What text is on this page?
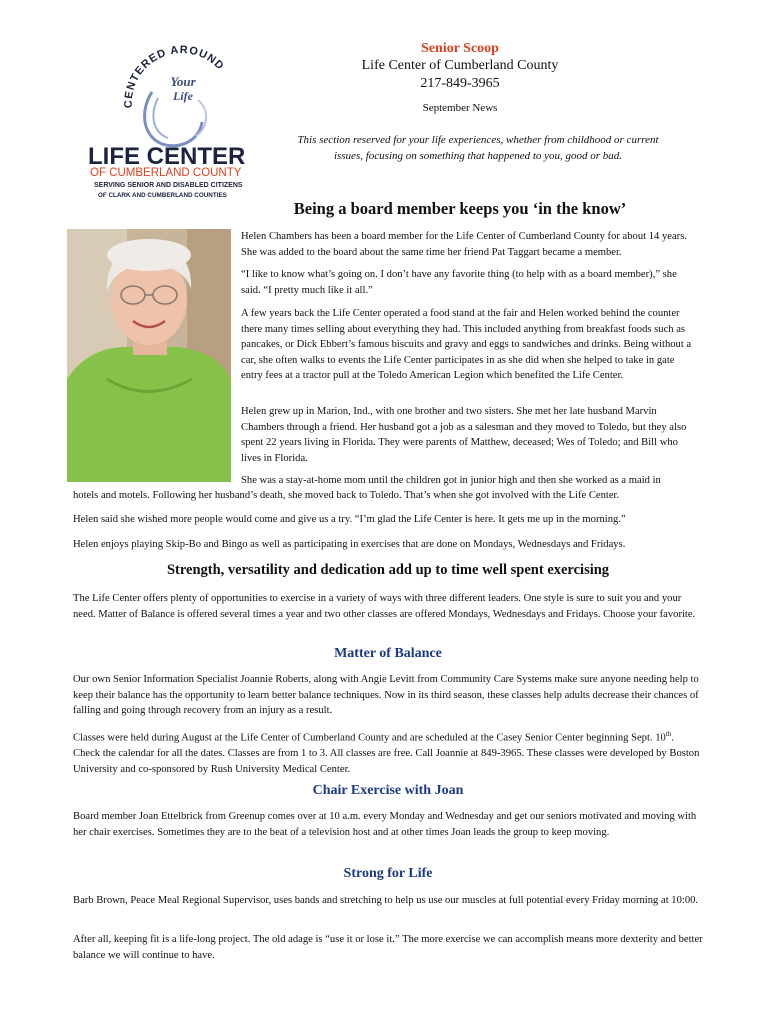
CENTERED AROUND
Your
Life
LIFE CENTER
OF CUMBERLAND COUNTY
SERVING SENIOR AND DISABLED CITIZENS
OF CLARK AND CUMBERLAND COUNTIES

Senior Scoop

Life Center of Cumberland County

217-849-3965

September News

This section reserved for your life experiences, whether from childhood or current issues, focusing on something that happened to you, good or bad.

Being a board member keeps you ‘in the know’

Helen Chambers has been a board member for the Life Center of Cumberland County for about 14 years. She was added to the board about the same time her friend Pat Taggart became a member.

“I like to know what’s going on. I don’t have any favorite thing (to help with as a board member),” she said. “I pretty much like it all.”

A few years back the Life Center operated a food stand at the fair and Helen worked behind the counter there many times selling about everything they had. This included anything from breakfast foods such as pancakes, or Dick Ebbert’s famous biscuits and gravy and eggs to sandwiches and drinks. Being without a car, she often walks to events the Life Center participates in as she did when she helped to take in gate entry fees at a tractor pull at the Toledo American Legion which benefited the Life Center.

Helen grew up in Marion, Ind., with one brother and two sisters. She met her late husband Marvin Chambers through a friend. Her husband got a job as a salesman and they moved to Toledo, but they also spent 22 years living in Florida. They were parents of Matthew, deceased; Wes of Toledo; and Bill who lives in Florida.

She was a stay-at-home mom until the children got in junior high and then she worked as a maid in

hotels and motels. Following her husband’s death, she moved back to Toledo. That’s when she got involved with the Life Center.

Helen said she wished more people would come and give us a try. “I’m glad the Life Center is here. It gets me up in the morning.”

Helen enjoys playing Skip-Bo and Bingo as well as participating in exercises that are done on Mondays, Wednesdays and Fridays.

Strength, versatility and dedication add up to time well spent exercising

The Life Center offers plenty of opportunities to exercise in a variety of ways with three different leaders. One style is sure to suit you and your need. Matter of Balance is offered several times a year and two other classes are offered Mondays, Wednesdays and Fridays. Choose your favorite.

Matter of Balance

Our own Senior Information Specialist Joannie Roberts, along with Angie Levitt from Community Care Systems make sure anyone needing help to keep their balance has the opportunity to learn better balance techniques. Now in its third season, these classes help adults decrease their chances of falling and going through recovery from an injury as a result.

Classes were held during August at the Life Center of Cumberland County and are scheduled at the Casey Senior Center beginning Sept. 10th. Check the calendar for all the dates. Classes are from 1 to 3. All classes are free. Call Joannie at 849-3965. These classes were developed by Boston University and co-sponsored by Rush University Medical Center.

Chair Exercise with Joan

Board member Joan Ettelbrick from Greenup comes over at 10 a.m. every Monday and Wednesday and get our seniors motivated and moving with her chair exercises. Sometimes they are to the beat of a television host and at other times Joan leads the group to keep moving.

Strong for Life

Barb Brown, Peace Meal Regional Supervisor, uses bands and stretching to help us use our muscles at full potential every Friday morning at 10:00.

After all, keeping fit is a life-long project. The old adage is “use it or lose it.” The more exercise we can accomplish means more dexterity and better balance we will continue to have.
